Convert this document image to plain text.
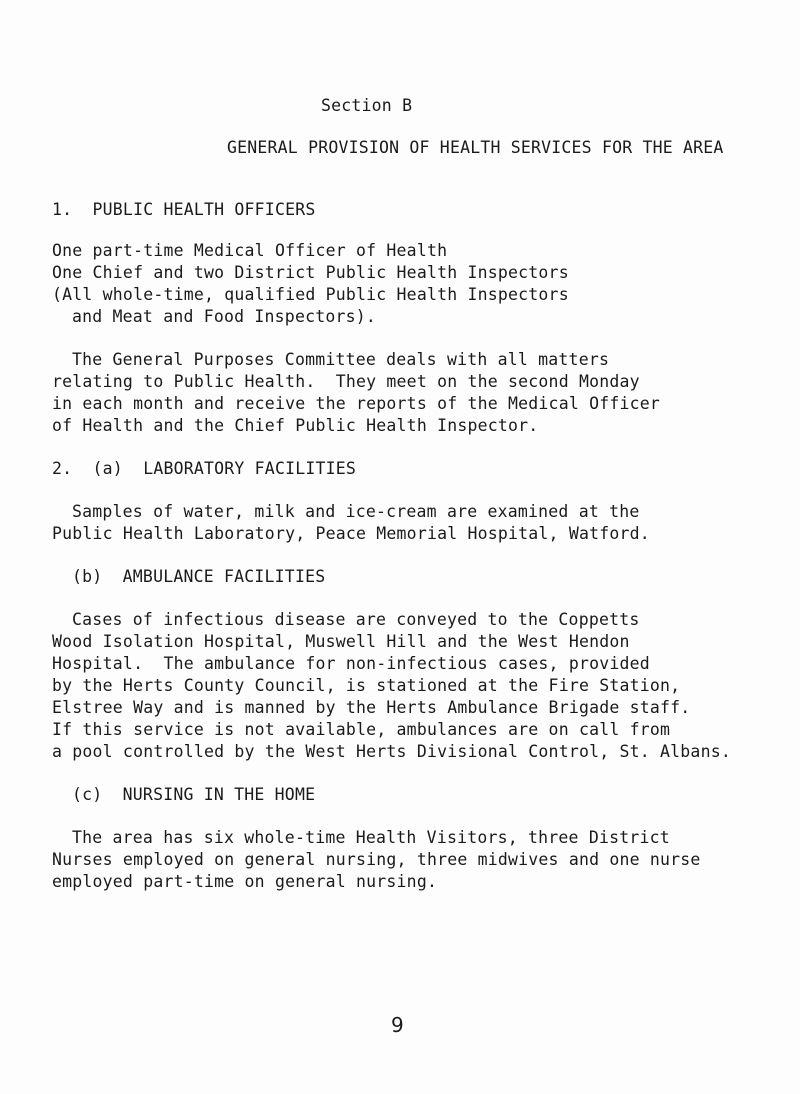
Section B
GENERAL PROVISION OF HEALTH SERVICES FOR THE AREA
1.  PUBLIC HEALTH OFFICERS
One part-time Medical Officer of Health
One Chief and two District Public Health Inspectors
(All whole-time, qualified Public Health Inspectors
and Meat and Food Inspectors).
The General Purposes Committee deals with all matters
relating to Public Health.  They meet on the second Monday
in each month and receive the reports of the Medical Officer
of Health and the Chief Public Health Inspector.
2.  (a)  LABORATORY FACILITIES
Samples of water, milk and ice-cream are examined at the
Public Health Laboratory, Peace Memorial Hospital, Watford.
(b)  AMBULANCE FACILITIES
Cases of infectious disease are conveyed to the Coppetts
Wood Isolation Hospital, Muswell Hill and the West Hendon
Hospital.  The ambulance for non-infectious cases, provided
by the Herts County Council, is stationed at the Fire Station,
Elstree Way and is manned by the Herts Ambulance Brigade staff.
If this service is not available, ambulances are on call from
a pool controlled by the West Herts Divisional Control, St. Albans.
(c)  NURSING IN THE HOME
The area has six whole-time Health Visitors, three District
Nurses employed on general nursing, three midwives and one nurse
employed part-time on general nursing.
9
